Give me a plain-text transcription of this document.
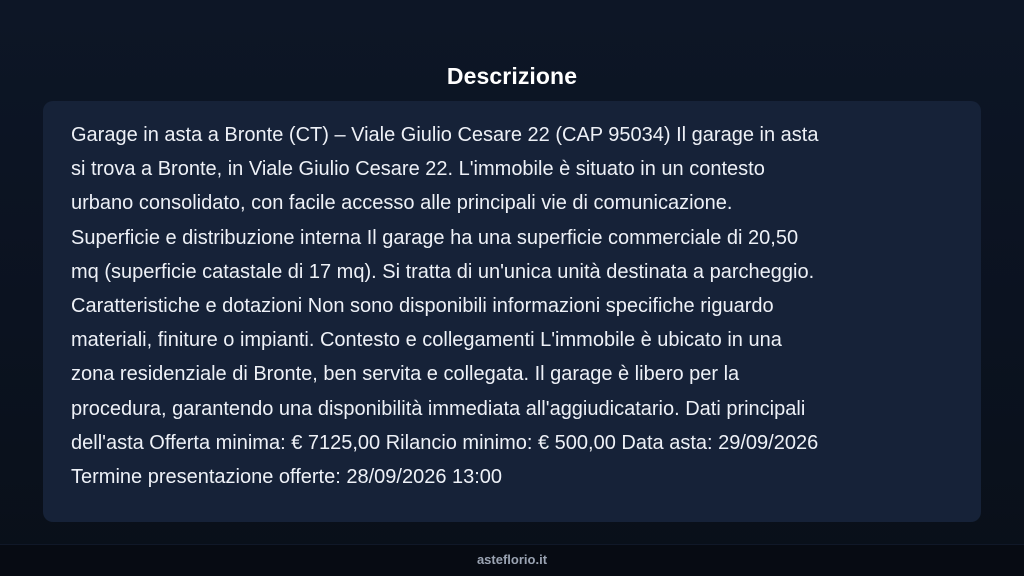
Descrizione

Garage in asta a Bronte (CT) – Viale Giulio Cesare 22 (CAP 95034) Il garage in asta
si trova a Bronte, in Viale Giulio Cesare 22. L'immobile è situato in un contesto
urbano consolidato, con facile accesso alle principali vie di comunicazione.
Superficie e distribuzione interna Il garage ha una superficie commerciale di 20,50
mq (superficie catastale di 17 mq). Si tratta di un'unica unità destinata a parcheggio.
Caratteristiche e dotazioni Non sono disponibili informazioni specifiche riguardo
materiali, finiture o impianti. Contesto e collegamenti L'immobile è ubicato in una
zona residenziale di Bronte, ben servita e collegata. Il garage è libero per la
procedura, garantendo una disponibilità immediata all'aggiudicatario. Dati principali
dell'asta Offerta minima: € 7125,00 Rilancio minimo: € 500,00 Data asta: 29/09/2026
Termine presentazione offerte: 28/09/2026 13:00

asteflorio.it
